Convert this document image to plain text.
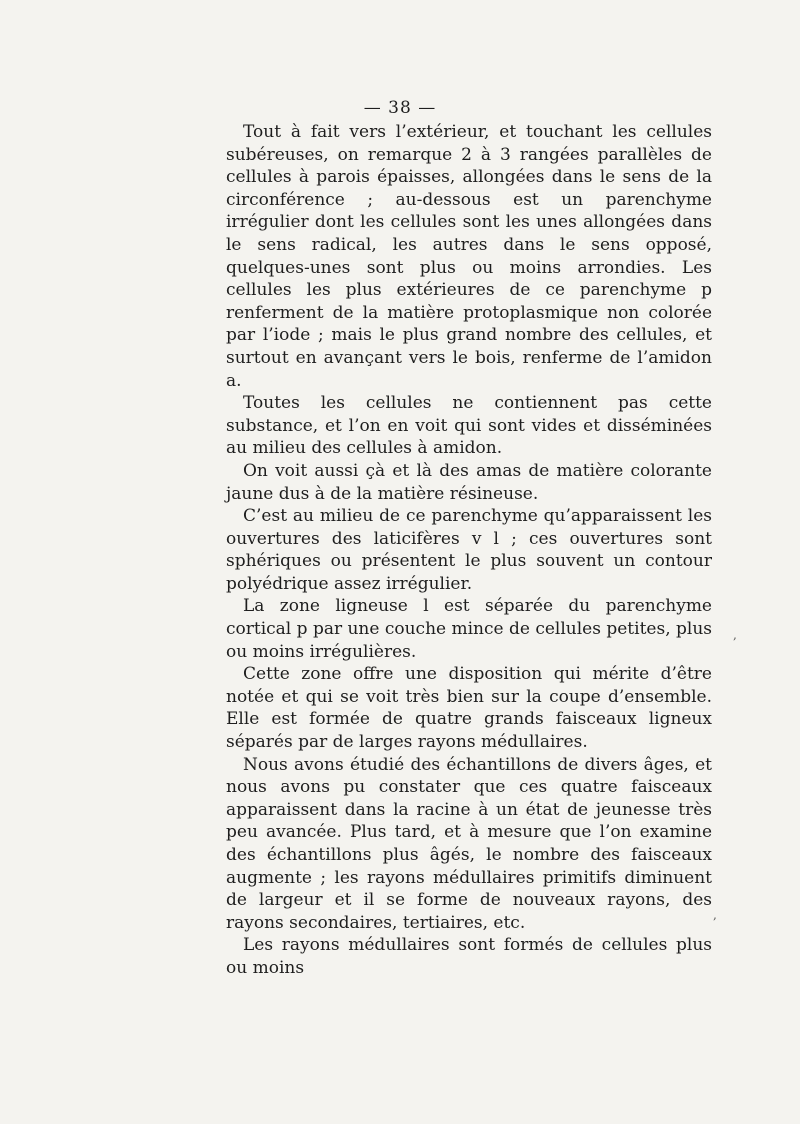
— 38 —

Tout à fait vers l’extérieur, et touchant les cellules subéreuses, on remarque 2 à 3 rangées parallèles de cellules à parois épaisses, allongées dans le sens de la circonférence ; au-dessous est un parenchyme irrégulier dont les cellules sont les unes allongées dans le sens radical, les autres dans le sens opposé, quelques-unes sont plus ou moins arrondies. Les cellules les plus extérieures de ce parenchyme p renferment de la matière protoplasmique non colorée par l’iode ; mais le plus grand nombre des cellules, et surtout en avançant vers le bois, renferme de l’amidon a.

Toutes les cellules ne contiennent pas cette substance, et l’on en voit qui sont vides et disséminées au milieu des cellules à amidon.

On voit aussi çà et là des amas de matière colorante jaune dus à de la matière résineuse.

C’est au milieu de ce parenchyme qu’apparaissent les ouvertures des laticifères v l ; ces ouvertures sont sphériques ou présentent le plus souvent un contour polyédrique assez irrégulier.

La zone ligneuse l est séparée du parenchyme cortical p par une couche mince de cellules petites, plus ou moins irrégulières.

Cette zone offre une disposition qui mérite d’être notée et qui se voit très bien sur la coupe d’ensemble. Elle est formée de quatre grands faisceaux ligneux séparés par de larges rayons médullaires.

Nous avons étudié des échantillons de divers âges, et nous avons pu constater que ces quatre faisceaux apparaissent dans la racine à un état de jeunesse très peu avancée. Plus tard, et à mesure que l’on examine des échantillons plus âgés, le nombre des faisceaux augmente ; les rayons médullaires primitifs diminuent de largeur et il se forme de nouveaux rayons, des rayons secondaires, tertiaires, etc.

Les rayons médullaires sont formés de cellules plus ou moins

,
,
